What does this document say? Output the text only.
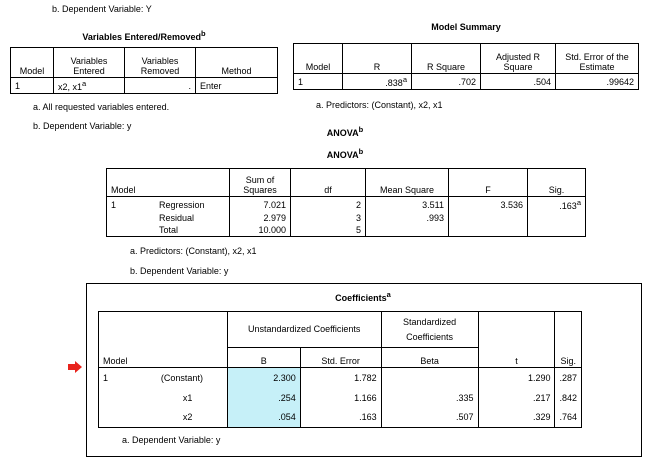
b. Dependent Variable: Y
Variables Entered/Removed$^b$
Model	Variables Entered	Variables Removed	Method
1	x2, x1$^a$	.	Enter
a. All requested variables entered.
b. Dependent Variable: y
Model Summary
Model	R	R Square	Adjusted R Square	Std. Error of the Estimate
1	.838$^a$	.702	.504	.99642
a. Predictors: (Constant), x2, x1
ANOVA$^b$
ANOVA$^b$
Model		Sum of Squares	df	Mean Square	F	Sig.
1	Regression	7.021	2	3.511	3.536	.163$^a$
	Residual	2.979	3	.993		
	Total	10.000	5			
a. Predictors: (Constant), x2, x1
b. Dependent Variable: y
Coefficients$^a$
Model		Unstandardized Coefficients		Standardized Coefficients	t	Sig.
		B	Std. Error	Beta		
1	(Constant)	2.300	1.782		1.290	.287
	x1	.254	1.166	.335	.217	.842
	x2	.054	.163	.507	.329	.764
a. Dependent Variable: y
